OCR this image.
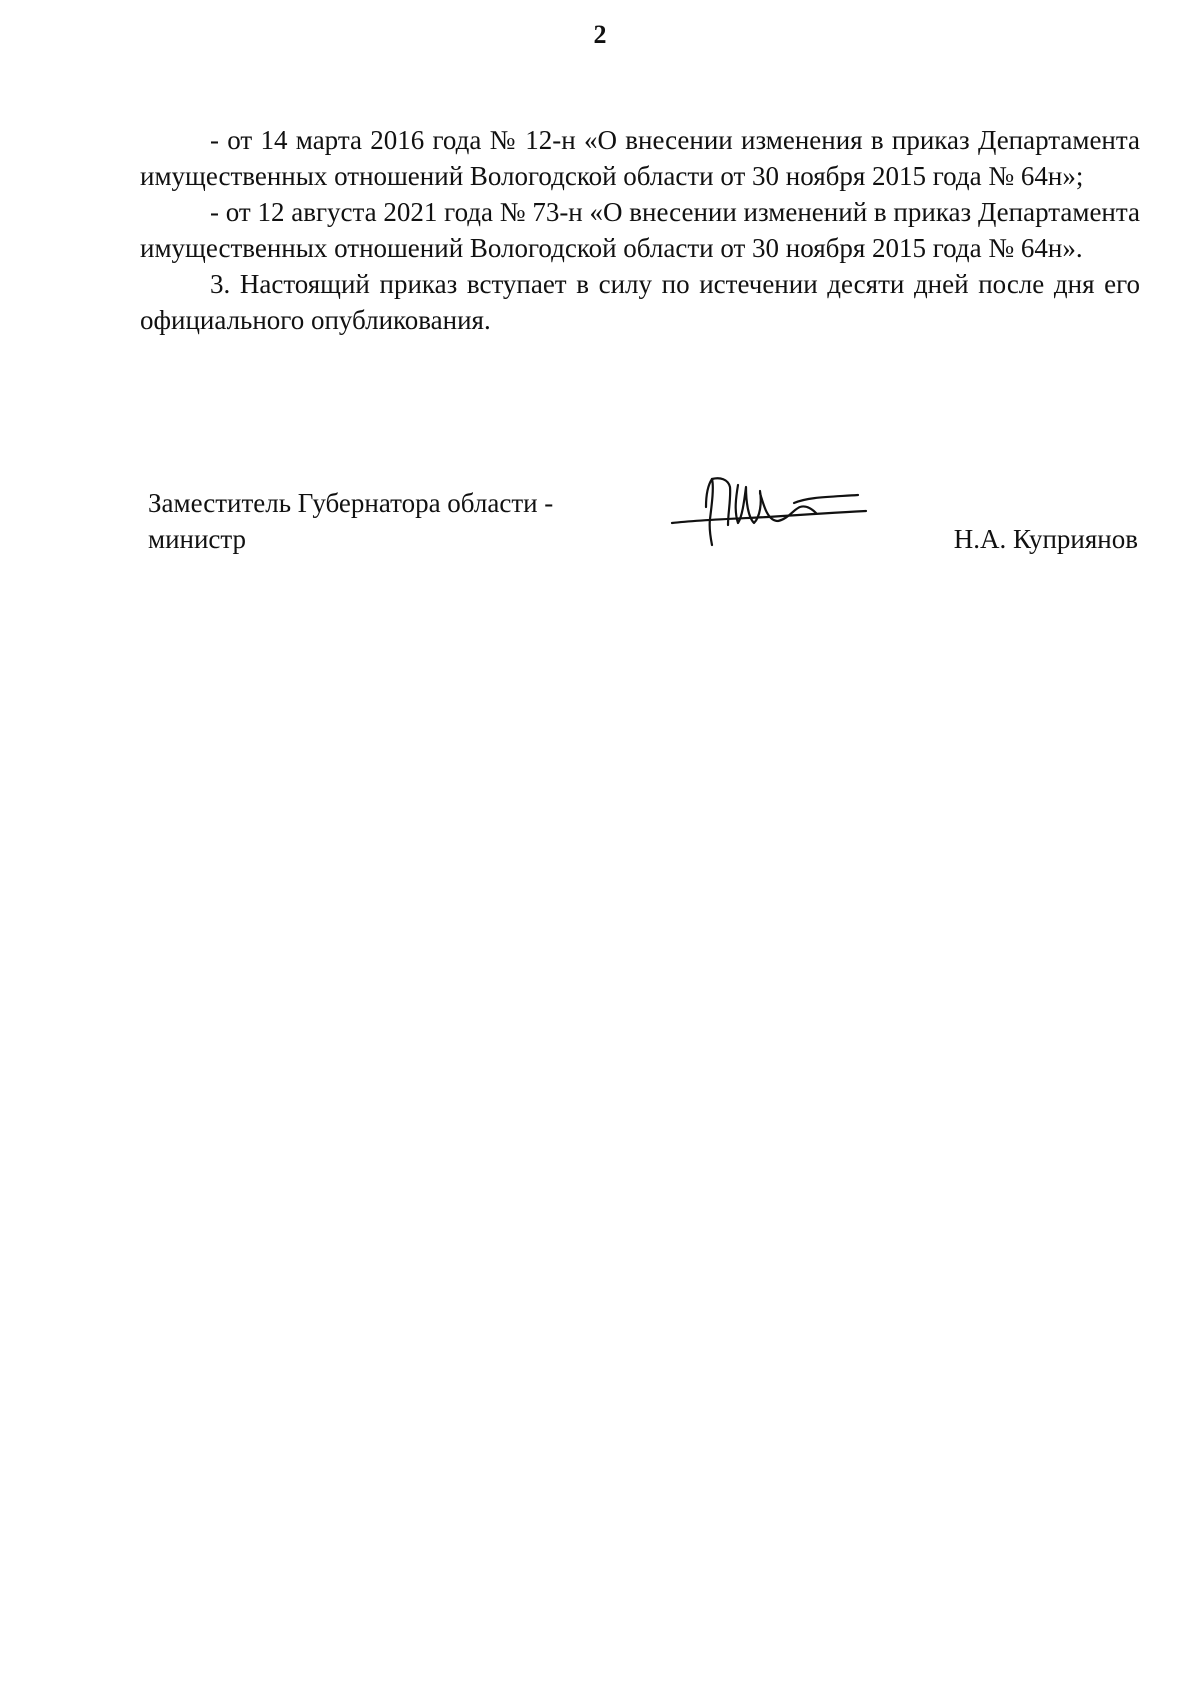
2

- от 14 марта 2016 года № 12-н «О внесении изменения в приказ Департамента имущественных отношений Вологодской области от 30 ноября 2015 года № 64н»;

- от 12 августа 2021 года № 73-н «О внесении изменений в приказ Департамента имущественных отношений Вологодской области от 30 ноября 2015 года № 64н».

3. Настоящий приказ вступает в силу по истечении десяти дней после дня его официального опубликования.

Заместитель Губернатора области -
министр	Н.А. Куприянов
